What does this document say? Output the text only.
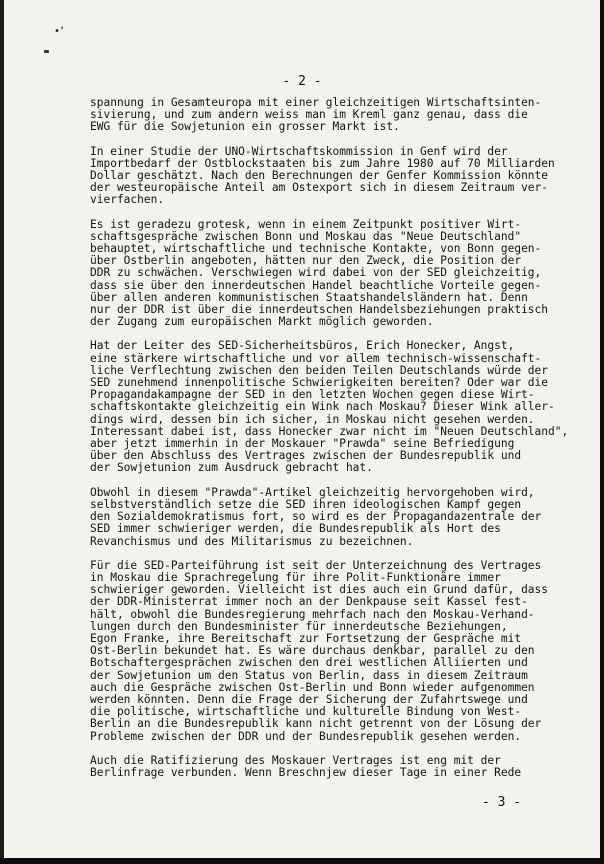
•’
- 2 -
spannung in Gesamteuropa mit einer gleichzeitigen Wirtschaftsinten-
sivierung, und zum andern weiss man im Kreml ganz genau, dass die
EWG für die Sowjetunion ein grosser Markt ist.
In einer Studie der UNO-Wirtschaftskommission in Genf wird der
Importbedarf der Ostblockstaaten bis zum Jahre 1980 auf 70 Milliarden
Dollar geschätzt. Nach den Berechnungen der Genfer Kommission könnte
der westeuropäische Anteil am Ostexport sich in diesem Zeitraum ver-
vierfachen.
Es ist geradezu grotesk, wenn in einem Zeitpunkt positiver Wirt-
schaftsgespräche zwischen Bonn und Moskau das "Neue Deutschland"
behauptet, wirtschaftliche und technische Kontakte, von Bonn gegen-
über Ostberlin angeboten, hätten nur den Zweck, die Position der
DDR zu schwächen. Verschwiegen wird dabei von der SED gleichzeitig,
dass sie über den innerdeutschen Handel beachtliche Vorteile gegen-
über allen anderen kommunistischen Staatshandelsländern hat. Denn
nur der DDR ist über die innerdeutschen Handelsbeziehungen praktisch
der Zugang zum europäischen Markt möglich geworden.
Hat der Leiter des SED-Sicherheitsbüros, Erich Honecker, Angst,
eine stärkere wirtschaftliche und vor allem technisch-wissenschaft-
liche Verflechtung zwischen den beiden Teilen Deutschlands würde der
SED zunehmend innenpolitische Schwierigkeiten bereiten? Oder war die
Propagandakampagne der SED in den letzten Wochen gegen diese Wirt-
schaftskontakte gleichzeitig ein Wink nach Moskau? Dieser Wink aller-
dings wird, dessen bin ich sicher, in Moskau nicht gesehen werden.
Interessant dabei ist, dass Honecker zwar nicht im "Neuen Deutschland",
aber jetzt immerhin in der Moskauer "Prawda" seine Befriedigung
über den Abschluss des Vertrages zwischen der Bundesrepublik und
der Sowjetunion zum Ausdruck gebracht hat.
Obwohl in diesem "Prawda"-Artikel gleichzeitig hervorgehoben wird,
selbstverständlich setze die SED ihren ideologischen Kampf gegen
den Sozialdemokratismus fort, so wird es der Propagandazentrale der
SED immer schwieriger werden, die Bundesrepublik als Hort des
Revanchismus und des Militarismus zu bezeichnen.
Für die SED-Parteiführung ist seit der Unterzeichnung des Vertrages
in Moskau die Sprachregelung für ihre Polit-Funktionäre immer
schwieriger geworden. Vielleicht ist dies auch ein Grund dafür, dass
der DDR-Ministerrat immer noch an der Denkpause seit Kassel fest-
hält, obwohl die Bundesregierung mehrfach nach den Moskau-Verhand-
lungen durch den Bundesminister für innerdeutsche Beziehungen,
Egon Franke, ihre Bereitschaft zur Fortsetzung der Gespräche mit
Ost-Berlin bekundet hat. Es wäre durchaus denkbar, parallel zu den
Botschaftergesprächen zwischen den drei westlichen Alliierten und
der Sowjetunion um den Status von Berlin, dass in diesem Zeitraum
auch die Gespräche zwischen Ost-Berlin und Bonn wieder aufgenommen
werden könnten. Denn die Frage der Sicherung der Zufahrtswege und
die politische, wirtschaftliche und kulturelle Bindung von West-
Berlin an die Bundesrepublik kann nicht getrennt von der Lösung der
Probleme zwischen der DDR und der Bundesrepublik gesehen werden.
Auch die Ratifizierung des Moskauer Vertrages ist eng mit der
Berlinfrage verbunden. Wenn Breschnjew dieser Tage in einer Rede
- 3 -
